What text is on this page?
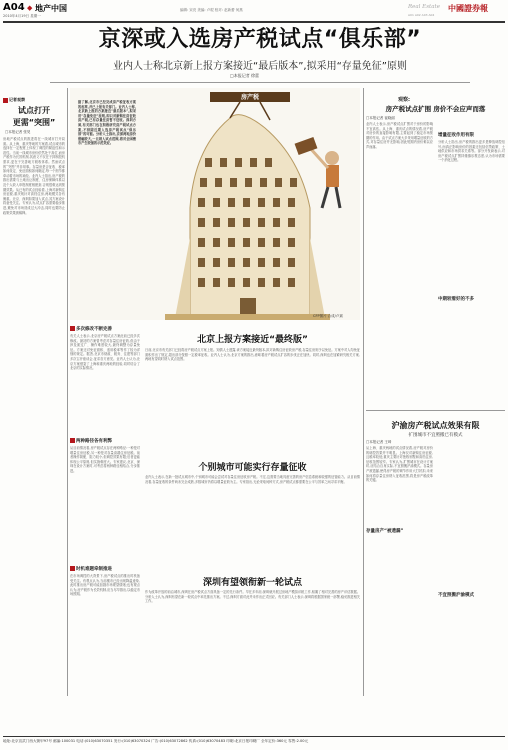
A04 ◆ 地产中国
2010年4月19日 星期一
编辑: 宋亮 美编: 卢琨 校对: 赵新蕾 何燕	Real Estate 中國證券報
A01 A02 A03 A04
京深或入选房产税试点“俱乐部”
业内人士称北京新上报方案接近“最后版本”,拟采用“存量免征”原则
□本报记者 徐蕾
记者观察
试点打开
更需“突围”
□本报记者 张昊
房地产税试点的推进将在一线城市打开局面。从上海、重庆等地的方案看,试点城市的选择在一定程度上体现了调控的紧迫性和示范性。当前一线城市房价依然处于高位,而房产税作为长效机制,其意义不仅在于抑制投机需求,更在于完善地方税收体系。然而试点的“突围”并非易事。存量房是否征收、税率如何设定、免征面积如何确定,每一个细节都牵动着市场的神经。业内人士指出,房产税的推出需要与土地出让制度、住房保障体系以及个人收入申报制度相配套,否则很难达到预期效果。从已有的试点经验看,上海对新购住房征税,重庆则针对高档住房,两地模式各有侧重。北京、深圳如果加入试点,其方案设计将备受关注。专家认为,试点扩容需要稳步推进,避免对市场造成过大冲击,同时也要防止政策效果被稀释。
房产税
CFP图片 合成/卢斌
据了解,北京市已经完成房产税征收方案的起草,并已上报有关部门。业内人士称,北京新上报的方案接近“最后版本”,拟采用“存量免征”原则,即只对新购住房征收房产税,已有存量住房暂不征收。深圳方面,有关部门也在积极研究房产税试点方案,不排除近期入选房产税试点“俱乐部”的可能。分析人士指出,京深两地房价涨幅较大,一旦纳入试点范围,将对全国楼市产生较强的示范效应。
多次修改不断完善
有关人士表示,北京房产税试点方案此前已经多次修改。最初的方案曾考虑对存量住房征收,但由于涉及面过广、操作难度较大,最终调整为存量免征。方案还对免征面积、适用税率等作了较为详细的规定。据悉,北京市财政、税务、住建等部门多次召开座谈会,征求各方意见。业内人士认为,北京方案借鉴了上海和重庆两地的经验,同时结合了北京的实际情况。
两种路径各有利弊
从目前情况看,房产税试点存在两种路径:一种是对增量住房征税,另一种是对存量高端住房征税。前者操作简便、阻力较小,但调控效果有限;后者更能体现公平原则,但实施难度大。专家建议,北京、深圳在设计方案时,可考虑将两种路径相结合,分步推进。
时机难题牵制推进
在市场调控的大背景下,房产税试点的推出时机备受关注。有观点认为,当前楼市已经出现降温迹象,此时推出房产税可能加剧市场观望情绪;也有观点认为,房产税作为长效机制,应当尽早推出,以稳定市场预期。
北京上报方案接近“最终版”
日前,北京市有关部门已经将房产税试点方案上报。知情人士透露,该方案接近最终版本,拟对新购住房征收房产税,存量住房则予以免征。方案中对人均免征面积作出了规定,超出部分按照一定税率征收。业内人士认为,北京方案的推出,意味着房产税试点扩容的步伐正在加快。同时,深圳也在加紧研究相关方案,两地有望同时纳入试点范围。
个别城市可能实行存量征收
业内人士表示,在新一批试点城市中,个别城市可能会尝试对存量住房征收房产税。不过,这需要当地具备完善的房产信息系统和较强的征管能力。从目前情况看,存量征收的条件尚未完全成熟,多数城市仍将以增量征收为主。专家指出,无论采取何种方式,房产税试点都需要在公平与效率之间寻求平衡。
深圳有望领衔新一轮试点
作为改革开放的前沿城市,深圳在房产税试点方面具备一定的先行条件。早在多年前,深圳就开展过房地产模拟评税工作,积累了相对完善的房产评估数据。分析人士认为,深圳有望在新一轮试点中率先推出方案。不过,深圳方面对此并未作出正式回应。有关部门人士表示,深圳将根据国家统一部署,稳妥推进相关工作。
观察:
房产税试点扩围 房价不会应声而落
□本报记者 崔晓丽
业内人士表示,房产税试点扩围对于房价的影响不宜高估。从上海、重庆试点的情况看,房产税对房价的直接影响有限,主要起到了稳定市场预期的作用。由于试点方案大多采用增量征收的方式,对存量住房并无影响,因此短期内房价难以应声而落。
增量征收作用有限
分析人士指出,房产税的推出更多是释放调控信号,而真正影响房价的因素还包括信贷政策、土地供应和市场供求关系等。部分开发商表示,对房产税试点扩围持谨慎乐观态度,认为市场需要一个消化过程。
中期较看好的不多
沪渝房产税试点效果有限
扩围城市不宜照搬已有模式
□本报记者 王琦
从上海、重庆两地的试点情况看,房产税对房价的调控效果并不明显。上海仅对新购住房征税,且税率较低;重庆主要针对独栋别墅和高档住房,征收范围较窄。专家认为,扩围城市在设计方案时,应结合自身实际,不宜照搬沪渝模式。存量房产被遗漏,使得房产税的调节作用大打折扣,未来如何将存量住房纳入征收范围,将是房产税改革的关键。
存量房产“被遗漏”
不宜照搬沪渝模式
地址:北京宣武门西大街甲97号 邮编:100031 电话:(010)63070351 发行:(010)63070324 广告:(010)63072862 传真:(010)63070483 印刷:北京日报印刷厂 全年定价:360元 零售:2.00元
